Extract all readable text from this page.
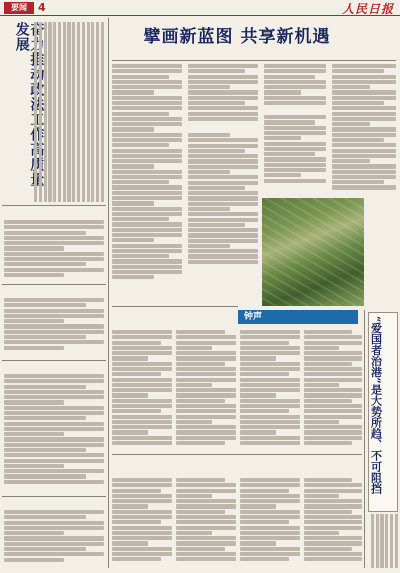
要闻	4	人民日报
发展	擘画新蓝图 共享新机遇

钟声	“爱国者治港”是大势所趋、不可阻挡
